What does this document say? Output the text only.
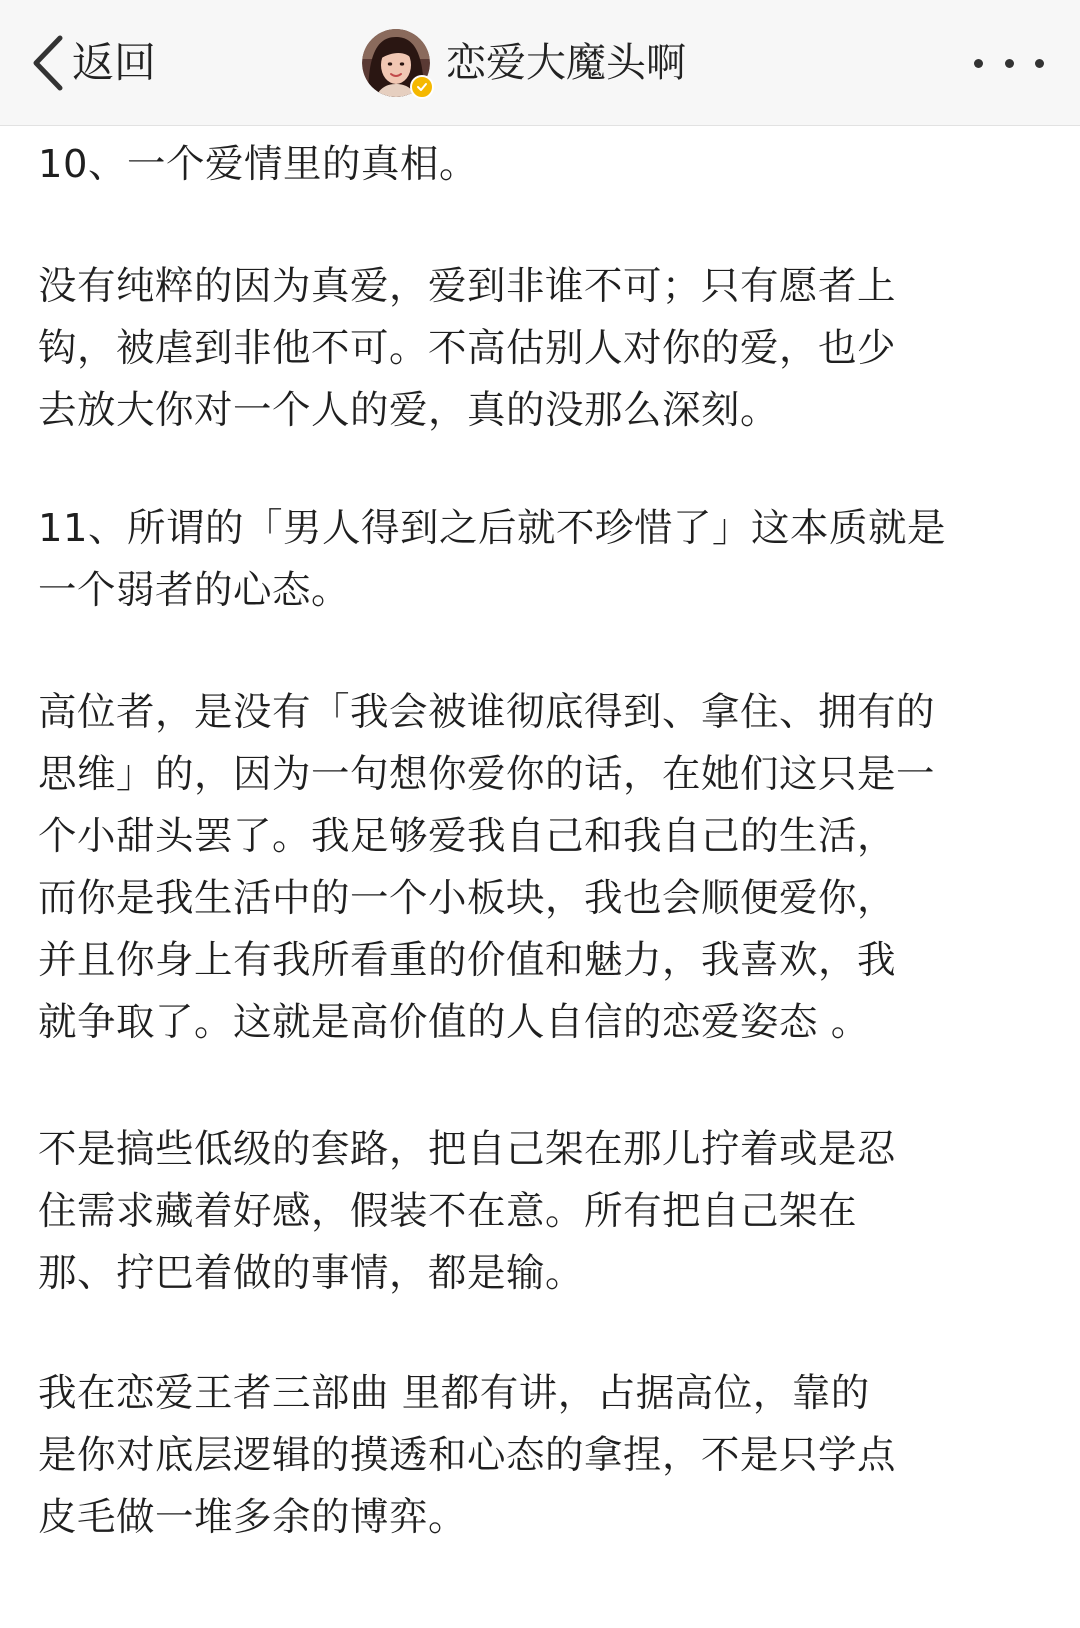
返回	恋爱大魔头啊

10、一个爱情里的真相。

没有纯粹的因为真爱，爱到非谁不可；只有愿者上
钩，被虐到非他不可。不高估别人对你的爱，也少
去放大你对一个人的爱，真的没那么深刻。

11、所谓的「男人得到之后就不珍惜了」这本质就是
一个弱者的心态。

高位者，是没有「我会被谁彻底得到、拿住、拥有的
思维」的，因为一句想你爱你的话，在她们这只是一
个小甜头罢了。我足够爱我自己和我自己的生活，
而你是我生活中的一个小板块，我也会顺便爱你，
并且你身上有我所看重的价值和魅力，我喜欢，我
就争取了。这就是高价值的人自信的恋爱姿态 。

不是搞些低级的套路，把自己架在那儿拧着或是忍
住需求藏着好感，假装不在意。所有把自己架在
那、拧巴着做的事情，都是输。

我在恋爱王者三部曲 里都有讲，占据高位，靠的
是你对底层逻辑的摸透和心态的拿捏，不是只学点
皮毛做一堆多余的博弈。
